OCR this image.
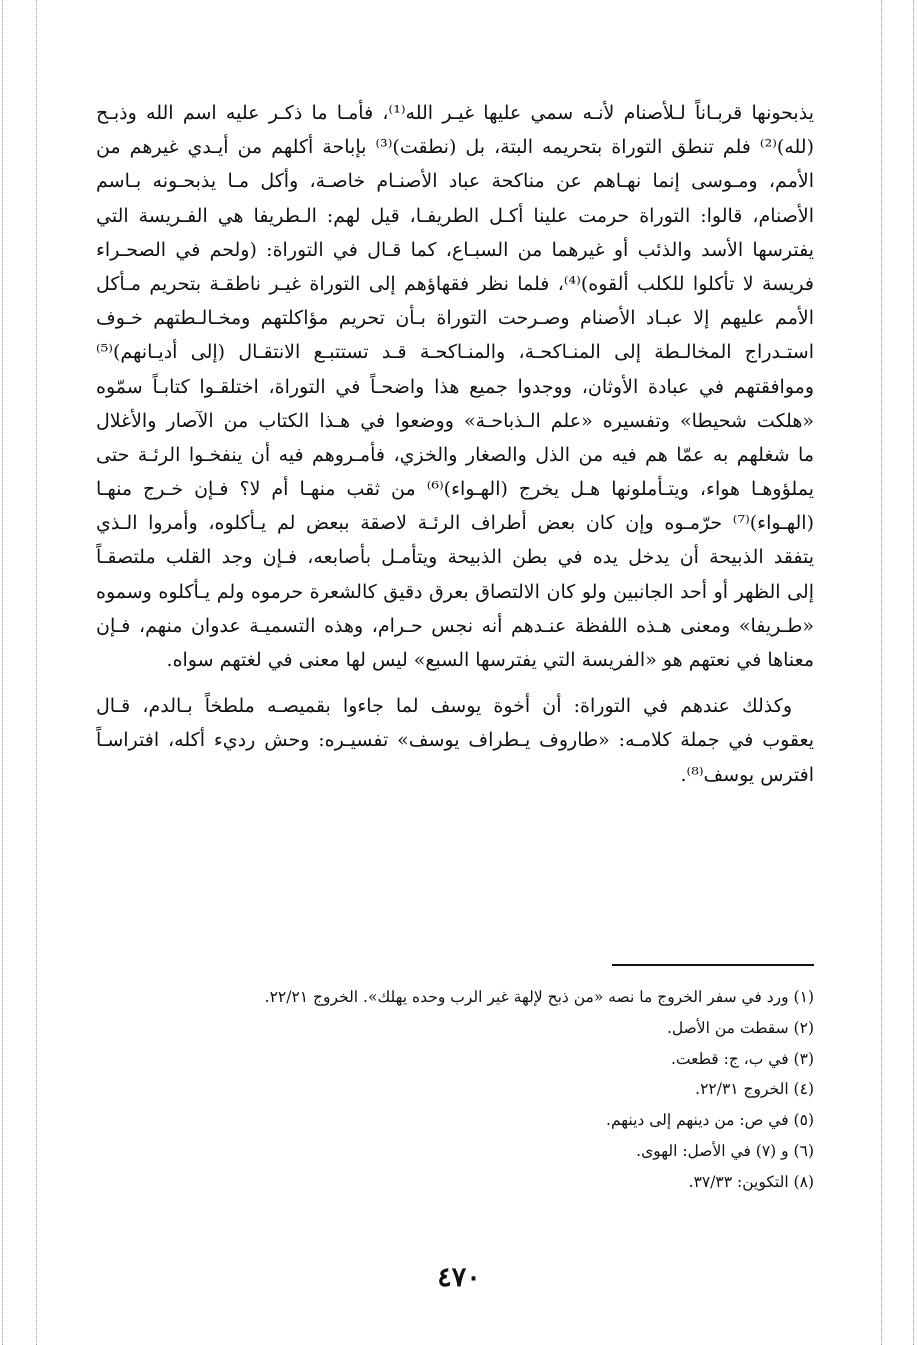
يذبحونها قربـاناً لـلأصنام لأنـه سمي عليها غيـر الله⁽¹⁾، فأمـا ما ذكـر عليه اسم الله وذبـح
(لله)⁽²⁾ فلم تنطق التوراة بتحريمه البتة، بل (نطقت)⁽³⁾ بإباحة أكلهم من أيـدي غيرهم من
الأمم، ومـوسى إنما نهـاهم عن مناكحة عباد الأصنـام خاصـة، وأكل مـا يذبحـونه بـاسم
الأصنام، قالوا: التوراة حرمت علينا أكـل الطريفـا، قيل لهم: الـطريفا هي الفـريسة التي
يفترسها الأسد والذئب أو غيرهما من السبـاع، كما قـال في التوراة: (ولحم في الصحـراء
فريسة لا تأكلوا للكلب ألقوه)⁽⁴⁾، فلما نظر فقهاؤهم إلى التوراة غيـر ناطقـة بتحريم مـأكل
الأمم عليهم إلا عبـاد الأصنام وصـرحت التوراة بـأن تحريم مؤاكلتهم ومخـالـطتهم خـوف
استـدراج المخالـطة إلى المنـاكحـة، والمنـاكحـة قـد تستتبـع الانتقـال (إلى أديـانهم)⁽⁵⁾
وموافقتهم في عبادة الأوثان، ووجدوا جميع هذا واضحـاً في التوراة، اختلقـوا كتابـاً سمّوه
«هلكت شحيطا» وتفسيره «علم الـذباحـة» ووضعوا في هـذا الكتاب من الآصار والأغلال
ما شغلهم به عمّا هم فيه من الذل والصغار والخزي، فأمـروهم فيه أن ينفخـوا الرئـة حتى
يملؤوهـا هواء، ويتـأملونها هـل يخرج (الهـواء)⁽⁶⁾ من ثقب منهـا أم لا؟ فـإن خـرج منهـا
(الهـواء)⁽⁷⁾ حرّمـوه وإن كان بعض أطراف الرئـة لاصقة ببعض لم يـأكلوه، وأمروا الـذي
يتفقد الذبيحة أن يدخل يده في بطن الذبيحة ويتأمـل بأصابعه، فـإن وجد القلب ملتصقـاً
إلى الظهر أو أحد الجانبين ولو كان الالتصاق بعرق دقيق كالشعرة حرموه ولم يـأكلوه وسموه
«طـريفا» ومعنى هـذه اللفظة عنـدهم أنه نجس حـرام، وهذه التسميـة عدوان منهم، فـإن
معناها في نعتهم هو «الفريسة التي يفترسها السبع» ليس لها معنى في لغتهم سواه.
وكذلك عندهم في التوراة: أن أخوة يوسف لما جاءوا بقميصـه ملطخاً بـالدم، قـال
يعقوب في جملة كلامـه: «طاروف يـطراف يوسف» تفسيـره: وحش رديء أكله، افتراسـاً
افترس يوسف⁽⁸⁾.
(١) ورد في سفر الخروج ما نصه «من ذبح لإلهة غير الرب وحده يهلك». الخروج ٢٢/٢١.
(٢) سقطت من الأصل.
(٣) في ب، ج: قطعت.
(٤) الخروج ٢٢/٣١.
(٥) في ص: من دينهم إلى دينهم.
(٦) و (٧) في الأصل: الهوى.
(٨) التكوين: ٣٧/٣٣.
٤٧٠
